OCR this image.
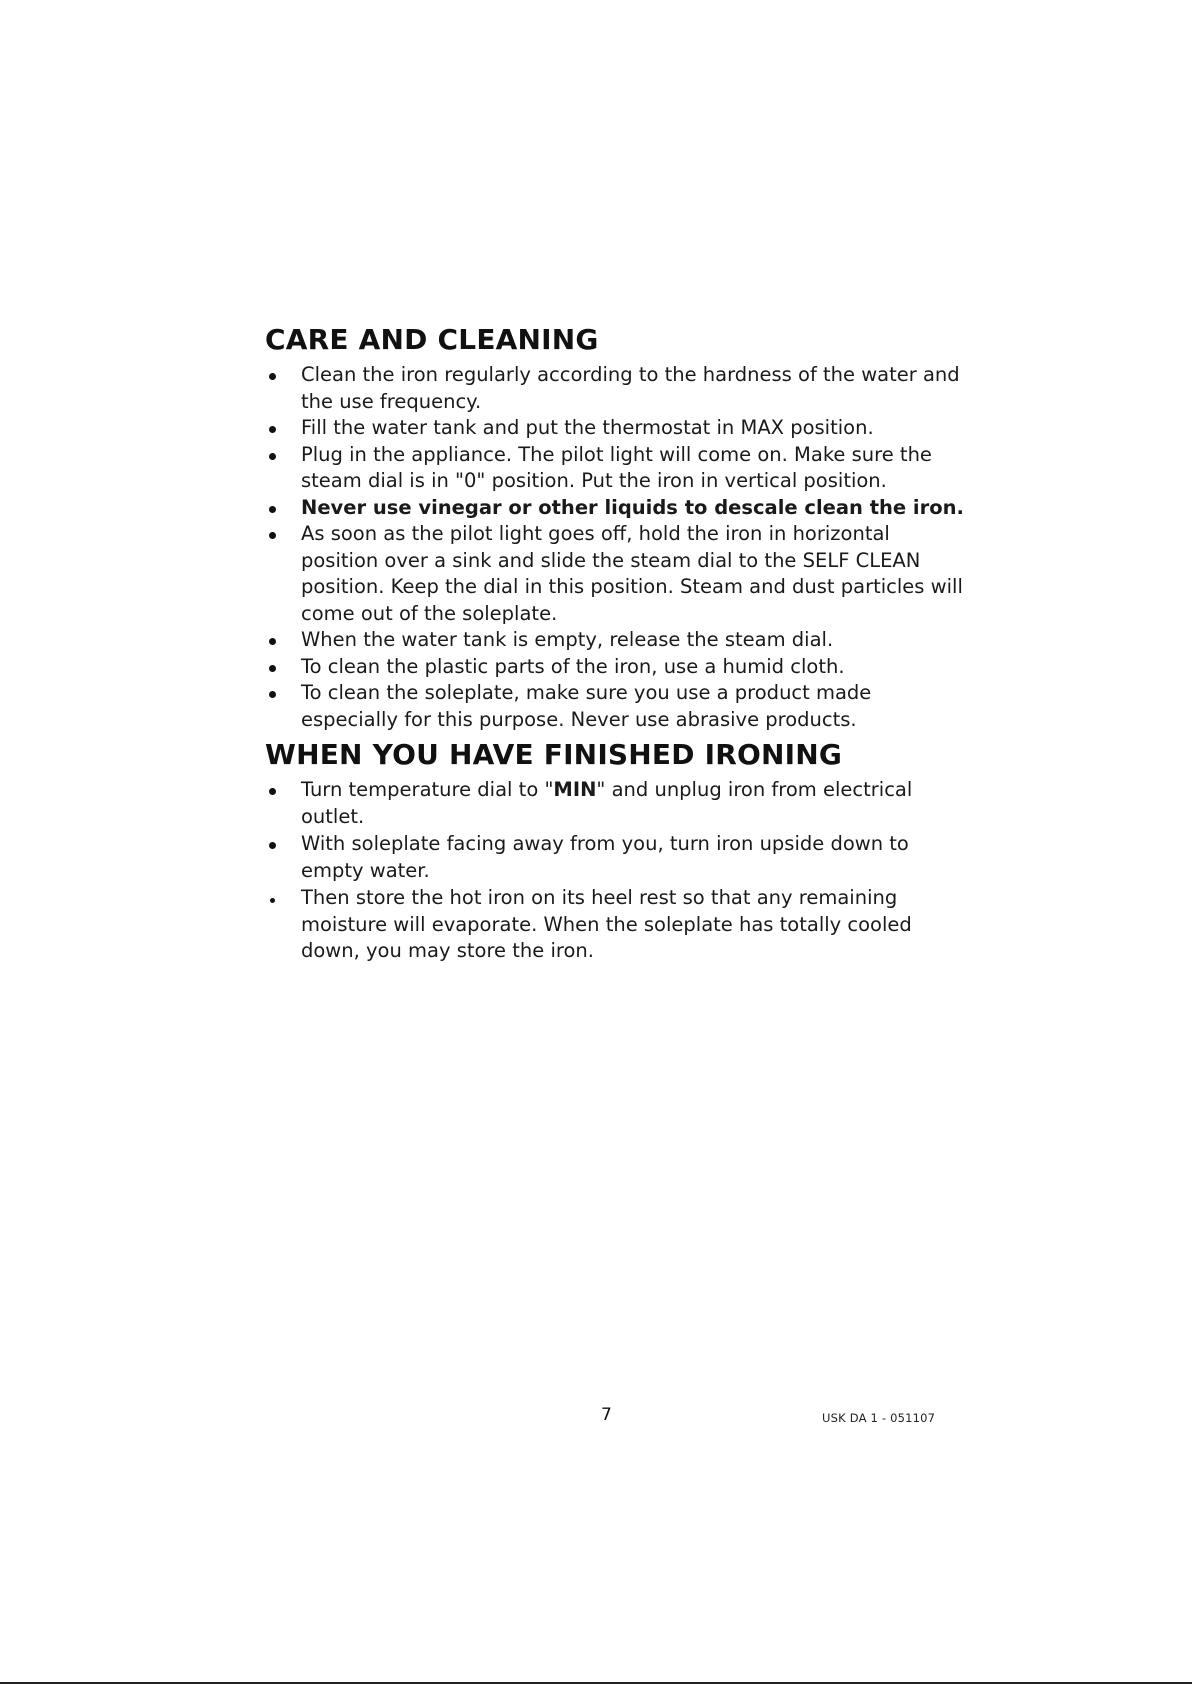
CARE AND CLEANING
Clean the iron regularly according to the hardness of the water and the use frequency.
Fill the water tank and put the thermostat in MAX position.
Plug in the appliance. The pilot light will come on. Make sure the steam dial is in "0" position. Put the iron in vertical position.
Never use vinegar or other liquids to descale clean the iron.
As soon as the pilot light goes off, hold the iron in horizontal position over a sink and slide the steam dial to the SELF CLEAN position. Keep the dial in this position. Steam and dust particles will come out of the soleplate.
When the water tank is empty, release the steam dial.
To clean the plastic parts of the iron, use a humid cloth.
To clean the soleplate, make sure you use a product made especially for this purpose. Never use abrasive products.
WHEN YOU HAVE FINISHED IRONING
Turn temperature dial to "MIN" and unplug iron from electrical outlet.
With soleplate facing away from you, turn iron upside down to empty water.
Then store the hot iron on its heel rest so that any remaining moisture will evaporate. When the soleplate has totally cooled down, you may store the iron.
7	USK DA 1 - 051107
